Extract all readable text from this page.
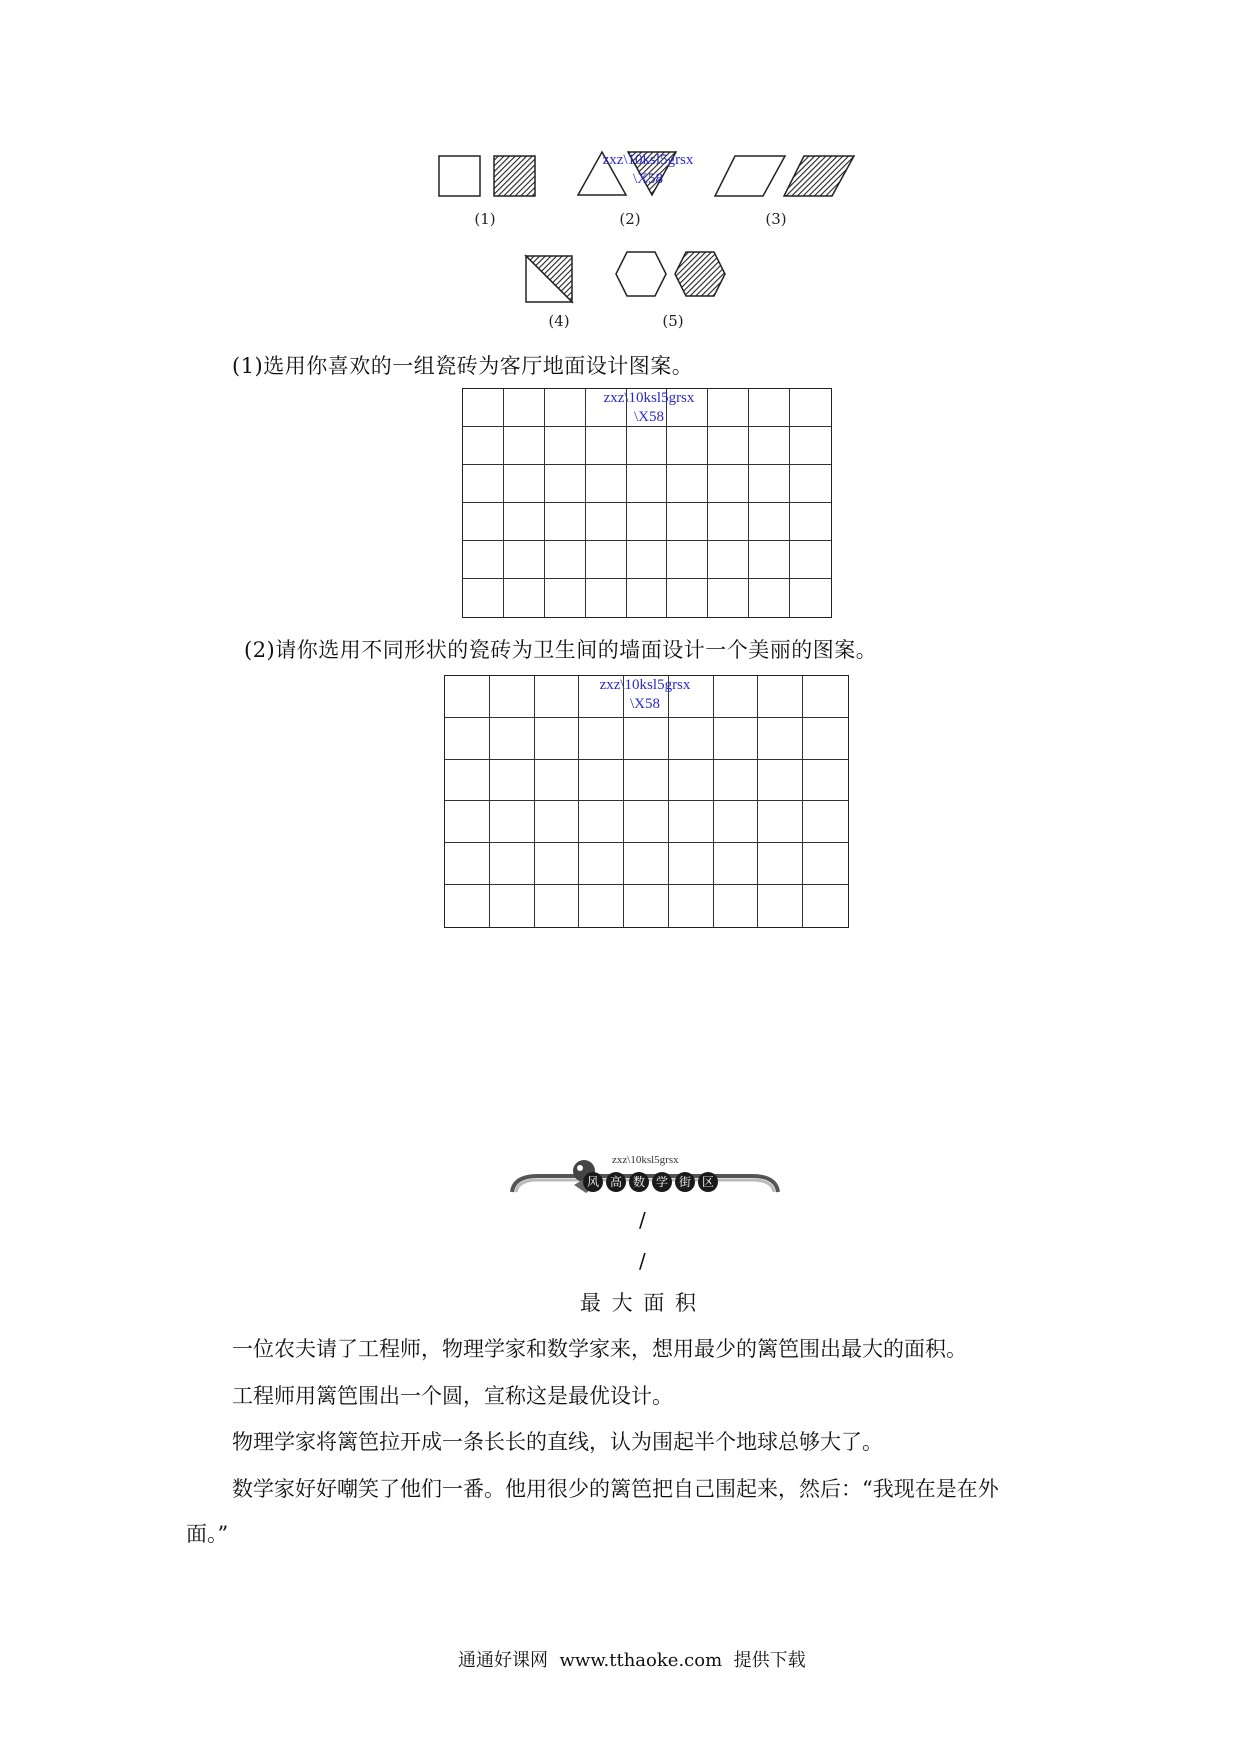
(1)
zxz\10ksl5grsx
\X58
(2)	(3)
(4)	(5)
(1)选用你喜欢的一组瓷砖为客厅地面设计图案。
zxz\10ksl5grsx
\X58
(2)请你选用不同形状的瓷砖为卫生间的墙面设计一个美丽的图案。
zxz\10ksl5grsx
\X58
zxz\10ksl5grsx
风 高 数 学 街 区
/
/
最 大 面 积
一位农夫请了工程师，物理学家和数学家来，想用最少的篱笆围出最大的面积。
工程师用篱笆围出一个圆，宣称这是最优设计。
物理学家将篱笆拉开成一条长长的直线，认为围起半个地球总够大了。
数学家好好嘲笑了他们一番。他用很少的篱笆把自己围起来，然后：“我现在是在外
面。”
通通好课网  www.tthaoke.com  提供下载
